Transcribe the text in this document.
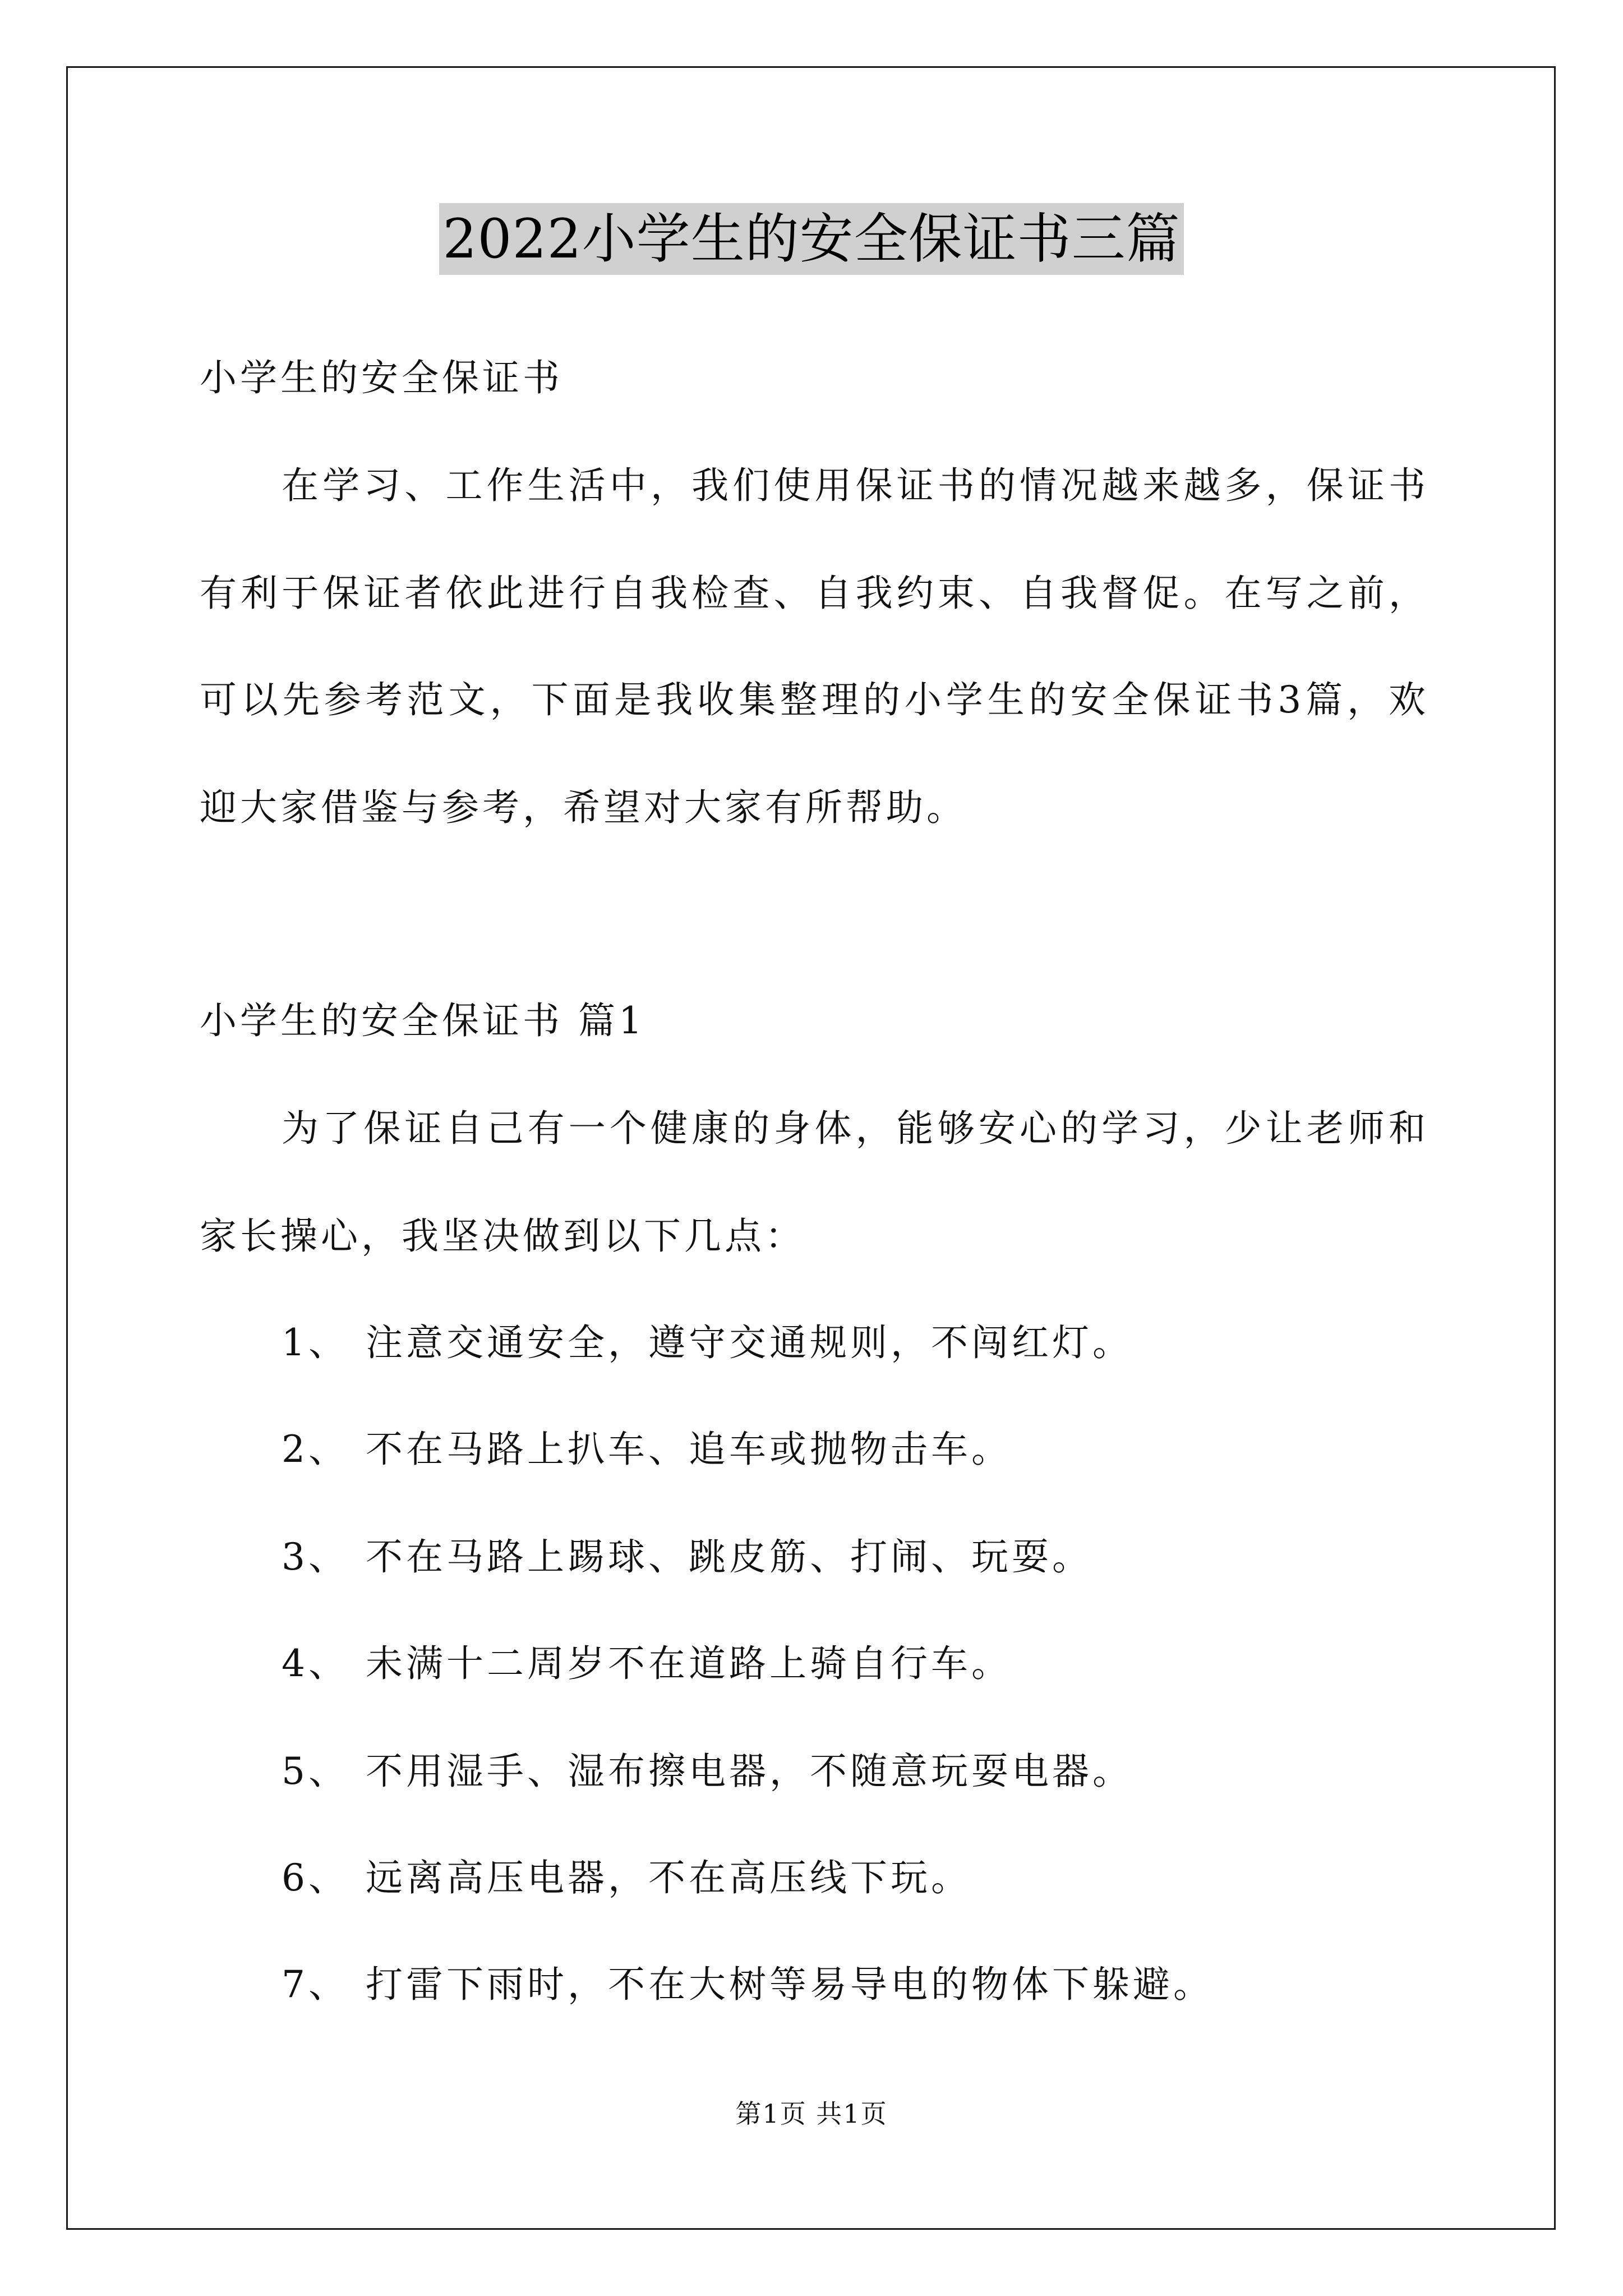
2022小学生的安全保证书三篇
小学生的安全保证书
在学习、工作生活中，我们使用保证书的情况越来越多，保证书
有利于保证者依此进行自我检查、自我约束、自我督促。在写之前，
可以先参考范文，下面是我收集整理的小学生的安全保证书3篇，欢
迎大家借鉴与参考，希望对大家有所帮助。
小学生的安全保证书 篇1
为了保证自己有一个健康的身体，能够安心的学习，少让老师和
家长操心，我坚决做到以下几点：
1、 注意交通安全，遵守交通规则，不闯红灯。
2、 不在马路上扒车、追车或抛物击车。
3、 不在马路上踢球、跳皮筋、打闹、玩耍。
4、 未满十二周岁不在道路上骑自行车。
5、 不用湿手、湿布擦电器，不随意玩耍电器。
6、 远离高压电器，不在高压线下玩。
7、 打雷下雨时，不在大树等易导电的物体下躲避。
第1页 共1页
